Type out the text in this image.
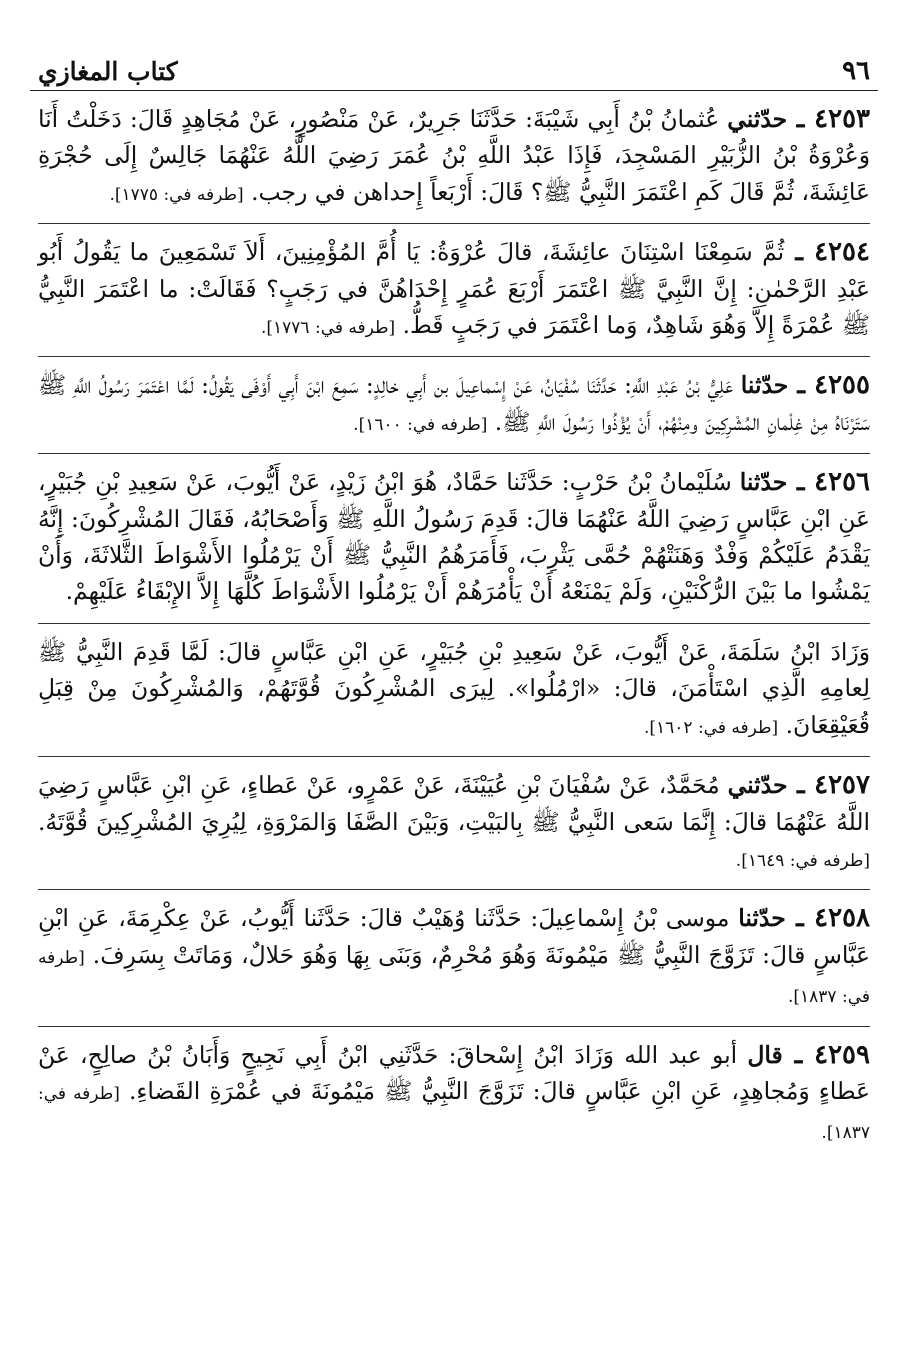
٩٦
كتاب المغازي

٤٢٥٣ ـ حدّثني عُثمانُ بْنُ أَبِي شَيْبَةَ: حَدَّثَنَا جَرِيرٌ، عَنْ مَنْصُورٍ، عَنْ مُجَاهِدٍ قَالَ: دَخَلْتُ أَنَا وَعُرْوَةُ بْنُ الزُّبَيْرِ المَسْجِدَ، فَإِذَا عَبْدُ اللَّهِ بْنُ عُمَرَ رَضِيَ اللَّهُ عَنْهُمَا جَالِسٌ إِلَى حُجْرَةِ عَائِشَةَ، ثُمَّ قَالَ كَمِ اعْتَمَرَ النَّبِيُّ ﷺ؟ قَالَ: أَرْبَعاً إِحداهن في رجب. [طرفه في: ١٧٧٥].

٤٢٥٤ ـ ثُمَّ سَمِعْنَا اسْتِنَانَ عائِشَةَ، قالَ عُرْوَةُ: يَا أُمَّ المُؤْمِنِينَ، أَلاَ تَسْمَعِينَ ما يَقُولُ أَبُو عَبْدِ الرَّحْمٰنِ: إِنَّ النَّبِيَّ ﷺ اعْتَمَرَ أَرْبَعَ عُمَرٍ إِحْدَاهُنَّ في رَجَبٍ؟ فَقَالَتْ: ما اعْتَمَرَ النَّبِيُّ ﷺ عُمْرَةً إِلاَّ وَهُوَ شَاهِدٌ، وَما اعْتَمَرَ في رَجَبٍ قَطُّ. [طرفه في: ١٧٧٦].

٤٢٥٥ ـ حدّثنا عَلِيُّ بْنُ عَبْدِ اللَّهِ: حَدَّثَنَا سُفْيَانُ، عَنْ إِسْماعِيلَ بن أَبِي خالِدٍ: سَمِعَ ابْنَ أَبِي أَوْفَى يَقُولُ: لَمَّا اعْتَمَرَ رَسُولُ اللَّهِ ﷺ سَتَرْنَاهُ مِنْ غِلْمانِ المُشْرِكِينَ ومِنْهُمْ، أَنْ يُؤْذُوا رَسُولَ اللَّهِ ﷺ. [طرفه في: ١٦٠٠].

٤٢٥٦ ـ حدّثنا سُلَيْمانُ بْنُ حَرْبٍ: حَدَّثَنا حَمَّادٌ، هُوَ ابْنُ زَيْدٍ، عَنْ أَيُّوبَ، عَنْ سَعِيدِ بْنِ جُبَيْرٍ، عَنِ ابْنِ عَبَّاسٍ رَضِيَ اللَّهُ عَنْهُمَا قالَ: قَدِمَ رَسُولُ اللَّهِ ﷺ وَأَصْحَابُهُ، فَقَالَ المُشْرِكُونَ: إِنَّهُ يَقْدَمُ عَلَيْكُمْ وَفْدٌ وَهَنَتْهُمْ حُمَّى يَثْرِبَ، فَأَمَرَهُمُ النَّبِيُّ ﷺ أَنْ يَرْمُلُوا الأَشْوَاطَ الثَّلاثَةَ، وَأَنْ يَمْشُوا ما بَيْنَ الرُّكْنَيْنِ، وَلَمْ يَمْنَعْهُ أَنْ يَأْمُرَهُمْ أَنْ يَرْمُلُوا الأَشْوَاطَ كُلَّهَا إِلاَّ الإِبْقَاءُ عَلَيْهِمْ.

وَزَادَ ابْنُ سَلَمَةَ، عَنْ أَيُّوبَ، عَنْ سَعِيدِ بْنِ جُبَيْرٍ، عَنِ ابْنِ عَبَّاسٍ قالَ: لَمَّا قَدِمَ النَّبِيُّ ﷺ لِعامِهِ الَّذِي اسْتَأْمَنَ، قالَ: «ارْمُلُوا». لِيرَى المُشْرِكُونَ قُوَّتَهُمْ، وَالمُشْرِكُونَ مِنْ قِبَلِ قُعَيْقِعَانَ. [طرفه في: ١٦٠٢].

٤٢٥٧ ـ حدّثني مُحَمَّدٌ، عَنْ سُفْيَانَ بْنِ عُيَيْنَةَ، عَنْ عَمْرٍو، عَنْ عَطاءٍ، عَنِ ابْنِ عَبَّاسٍ رَضِيَ اللَّهُ عَنْهُمَا قالَ: إِنَّمَا سَعى النَّبِيُّ ﷺ بِالبَيْتِ، وَبَيْنَ الصَّفَا وَالمَرْوَةِ، لِيُرِيَ المُشْرِكِينَ قُوَّتَهُ. [طرفه في: ١٦٤٩].

٤٢٥٨ ـ حدّثنا موسى بْنُ إِسْماعِيلَ: حَدَّثَنا وُهَيْبٌ قالَ: حَدَّثَنا أَيُّوبُ، عَنْ عِكْرِمَةَ، عَنِ ابْنِ عَبَّاسٍ قالَ: تَزَوَّجَ النَّبِيُّ ﷺ مَيْمُونَةَ وَهُوَ مُحْرِمٌ، وَبَنَى بِهَا وَهُوَ حَلالٌ، وَمَاتَتْ بِسَرِفَ. [طرفه في: ١٨٣٧].

٤٢٥٩ ـ قال أبو عبد الله وَزَادَ ابْنُ إِسْحاقَ: حَدَّثَنِي ابْنُ أَبِي نَجِيحٍ وَأَبَانُ بْنُ صالِحٍ، عَنْ عَطاءٍ وَمُجاهِدٍ، عَنِ ابْنِ عَبَّاسٍ قالَ: تَزَوَّجَ النَّبِيُّ ﷺ مَيْمُونَةَ في عُمْرَةِ القَضاءِ. [طرفه في: ١٨٣٧].
